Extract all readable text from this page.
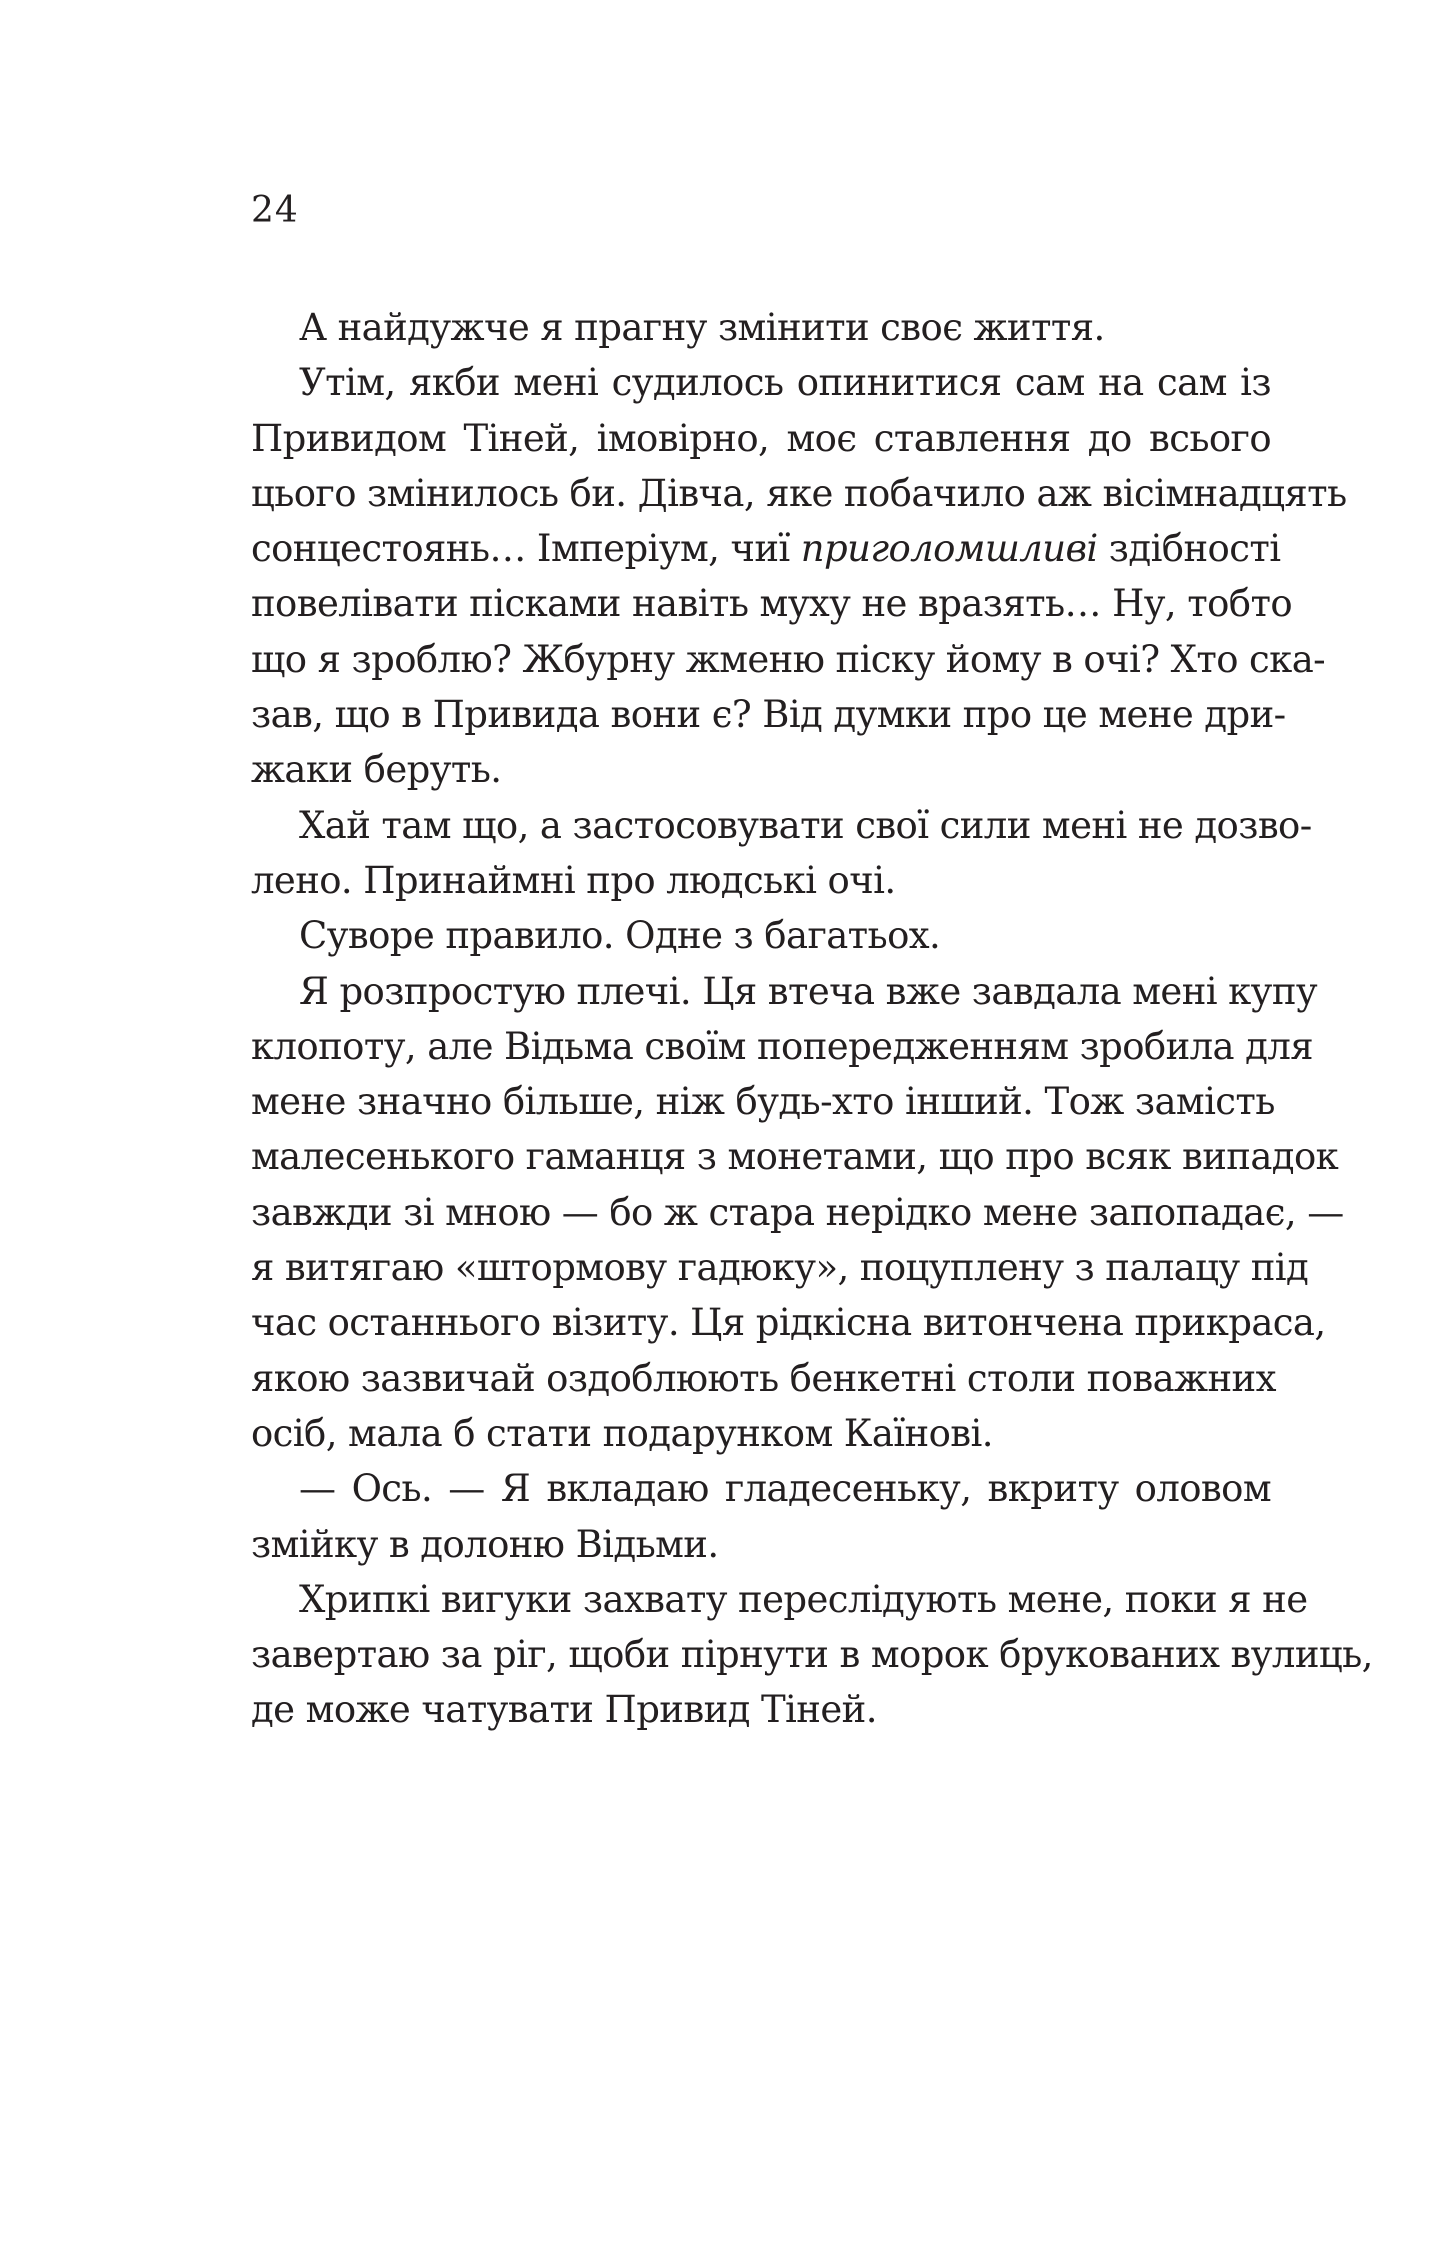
24
А найдужче я прагну змінити своє життя.
Утім, якби мені судилось опинитися сам на сам із
Привидом Тіней, імовірно, моє ставлення до всього
цього змінилось би. Дівча, яке побачило аж вісімнадцять
сонцестоянь… Імперіум, чиї приголомшливі здібності
повелівати пісками навіть муху не вразять… Ну, тобто
що я зроблю? Жбурну жменю піску йому в очі? Хто ска-
зав, що в Привида вони є? Від думки про це мене дри-
жаки беруть.
Хай там що, а застосовувати свої сили мені не дозво-
лено. Принаймні про людські очі.
Суворе правило. Одне з багатьох.
Я розпростую плечі. Ця втеча вже завдала мені купу
клопоту, але Відьма своїм попередженням зробила для
мене значно більше, ніж будь-хто інший. Тож замість
малесенького гаманця з монетами, що про всяк випадок
завжди зі мною — бо ж стара нерідко мене запопадає, —
я витягаю «штормову гадюку», поцуплену з палацу під
час останнього візиту. Ця рідкісна витончена прикраса,
якою зазвичай оздоблюють бенкетні столи поважних
осіб, мала б стати подарунком Каїнові.
— Ось. — Я вкладаю гладесеньку, вкриту оловом
змійку в долоню Відьми.
Хрипкі вигуки захвату переслідують мене, поки я не
завертаю за ріг, щоби пірнути в морок брукованих вулиць,
де може чатувати Привид Тіней.
